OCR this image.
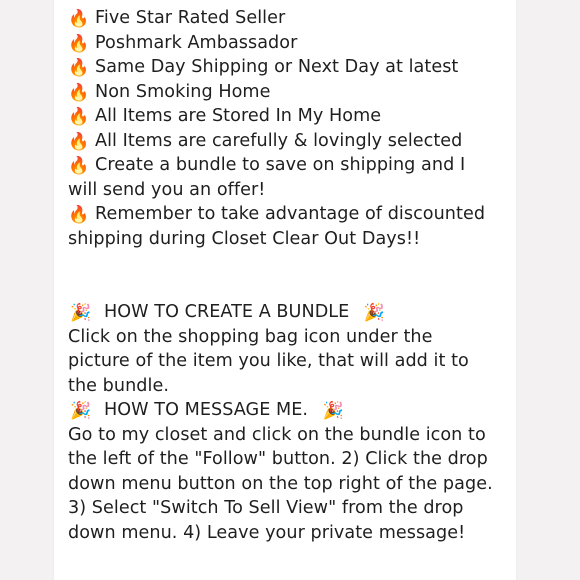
🔥 Five Star Rated Seller
🔥 Poshmark Ambassador
🔥 Same Day Shipping or Next Day at latest
🔥 Non Smoking Home
🔥 All Items are Stored In My Home
🔥 All Items are carefully & lovingly selected
🔥 Create a bundle to save on shipping and I
will send you an offer!
🔥 Remember to take advantage of discounted
shipping during Closet Clear Out Days!!
🎉 HOW TO CREATE A BUNDLE 🎉
Click on the shopping bag icon under the
picture of the item you like, that will add it to
the bundle.
🎉 HOW TO MESSAGE ME. 🎉
Go to my closet and click on the bundle icon to
the left of the "Follow" button. 2) Click the drop
down menu button on the top right of the page.
3) Select "Switch To Sell View" from the drop
down menu. 4) Leave your private message!
